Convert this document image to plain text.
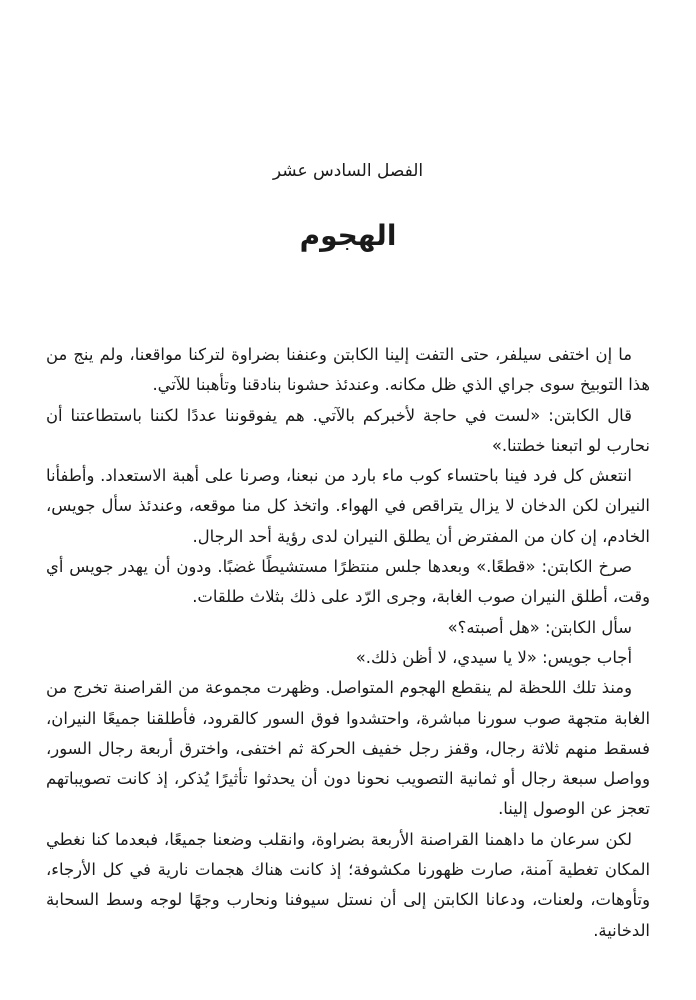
الفصل السادس عشر
الهجوم

ما إن اختفى سيلفر، حتى التفت إلينا الكابتن وعنفنا بضراوة لتركنا مواقعنا، ولم ينج من هذا التوبيخ سوى جراي الذي ظل مكانه. وعندئذ حشونا بنادقنا وتأهبنا للآتي.

قال الكابتن: «لست في حاجة لأخبركم بالآتي. هم يفوقوننا عددًا لكننا باستطاعتنا أن نحارب لو اتبعنا خطتنا.»

انتعش كل فرد فينا باحتساء كوب ماء بارد من نبعنا، وصرنا على أهبة الاستعداد. وأطفأنا النيران لكن الدخان لا يزال يتراقص في الهواء. واتخذ كل منا موقعه، وعندئذ سأل جويس، الخادم، إن كان من المفترض أن يطلق النيران لدى رؤية أحد الرجال.

صرخ الكابتن: «قطعًا.» وبعدها جلس منتظرًا مستشيطًا غضبًا. ودون أن يهدر جويس أي وقت، أطلق النيران صوب الغابة، وجرى الرّد على ذلك بثلاث طلقات.

سأل الكابتن: «هل أصبته؟»

أجاب جويس: «لا يا سيدي، لا أظن ذلك.»

ومنذ تلك اللحظة لم ينقطع الهجوم المتواصل. وظهرت مجموعة من القراصنة تخرج من الغابة متجهة صوب سورنا مباشرة، واحتشدوا فوق السور كالقرود، فأطلقنا جميعًا النيران، فسقط منهم ثلاثة رجال، وقفز رجل خفيف الحركة ثم اختفى، واخترق أربعة رجال السور، وواصل سبعة رجال أو ثمانية التصويب نحونا دون أن يحدثوا تأثيرًا يُذكر، إذ كانت تصويباتهم تعجز عن الوصول إلينا.

لكن سرعان ما داهمنا القراصنة الأربعة بضراوة، وانقلب وضعنا جميعًا، فبعدما كنا نغطي المكان تغطية آمنة، صارت ظهورنا مكشوفة؛ إذ كانت هناك هجمات نارية في كل الأرجاء، وتأوهات، ولعنات، ودعانا الكابتن إلى أن نستل سيوفنا ونحارب وجهًا لوجه وسط السحابة الدخانية.
